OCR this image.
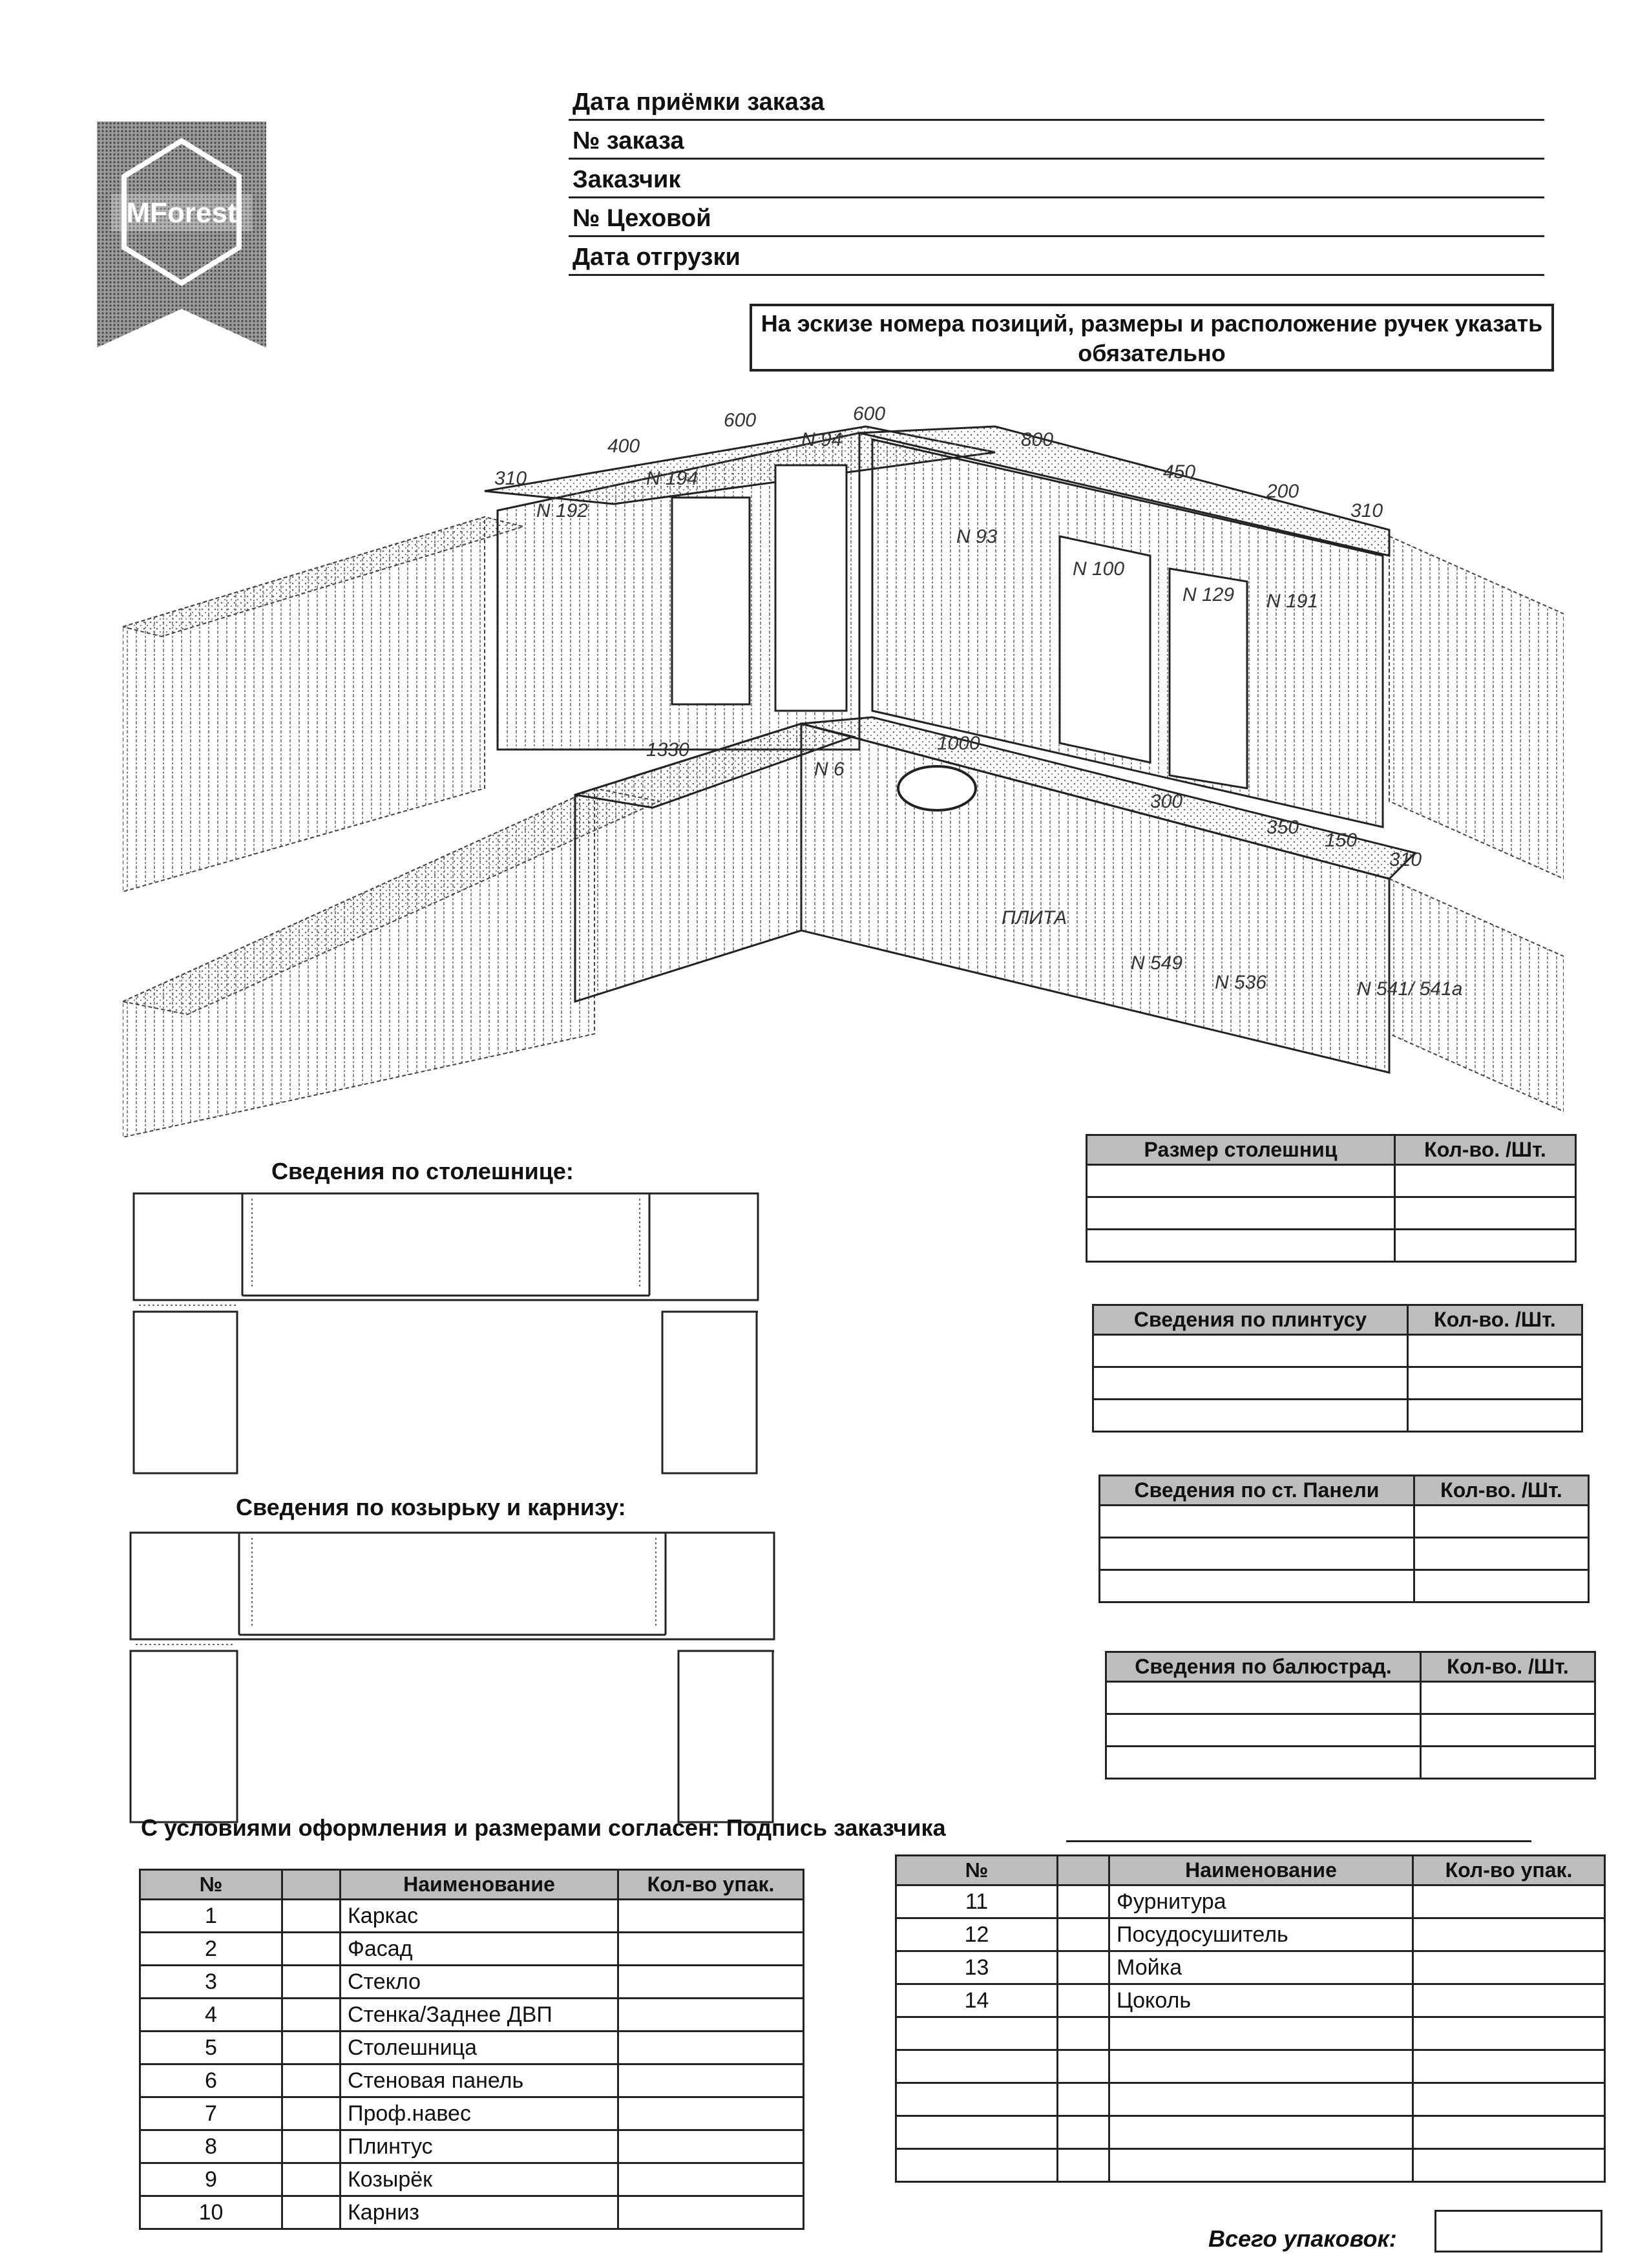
MForest
Дата приёмки заказа
№ заказа
Заказчик
№ Цеховой
Дата отгрузки
На эскизе номера позиций, размеры и расположение ручек указать обязательно
310
400
600	600
800
450
200
310
N 192
N 194
N 94
N 93
N 100
N 129 N 191
1330
N 6
1000
300
350
150
310
ПЛИТА
N 549
N 536	N 541/ 541а
Сведения по столешнице:
Сведения по козырьку и карнизу:
Размер столешниц	Кол-во. /Шт.

Сведения по плинтусу	Кол-во. /Шт.

Сведения по ст. Панели	Кол-во. /Шт.

Сведения по балюстрад.	Кол-во. /Шт.

С условиями оформления и размерами согласен: Подпись заказчика
№		Наименование	Кол-во упак.
1		Каркас	
2		Фасад	
3		Стекло	
4		Стенка/Заднее ДВП	
5		Столешница	
6		Стеновая панель	
7		Проф.навес	
8		Плинтус	
9		Козырёк	
10		Карниз	
№		Наименование	Кол-во упак.
11		Фурнитура	
12		Посудосушитель	
13		Мойка	
14		Цоколь	

Всего упаковок:
